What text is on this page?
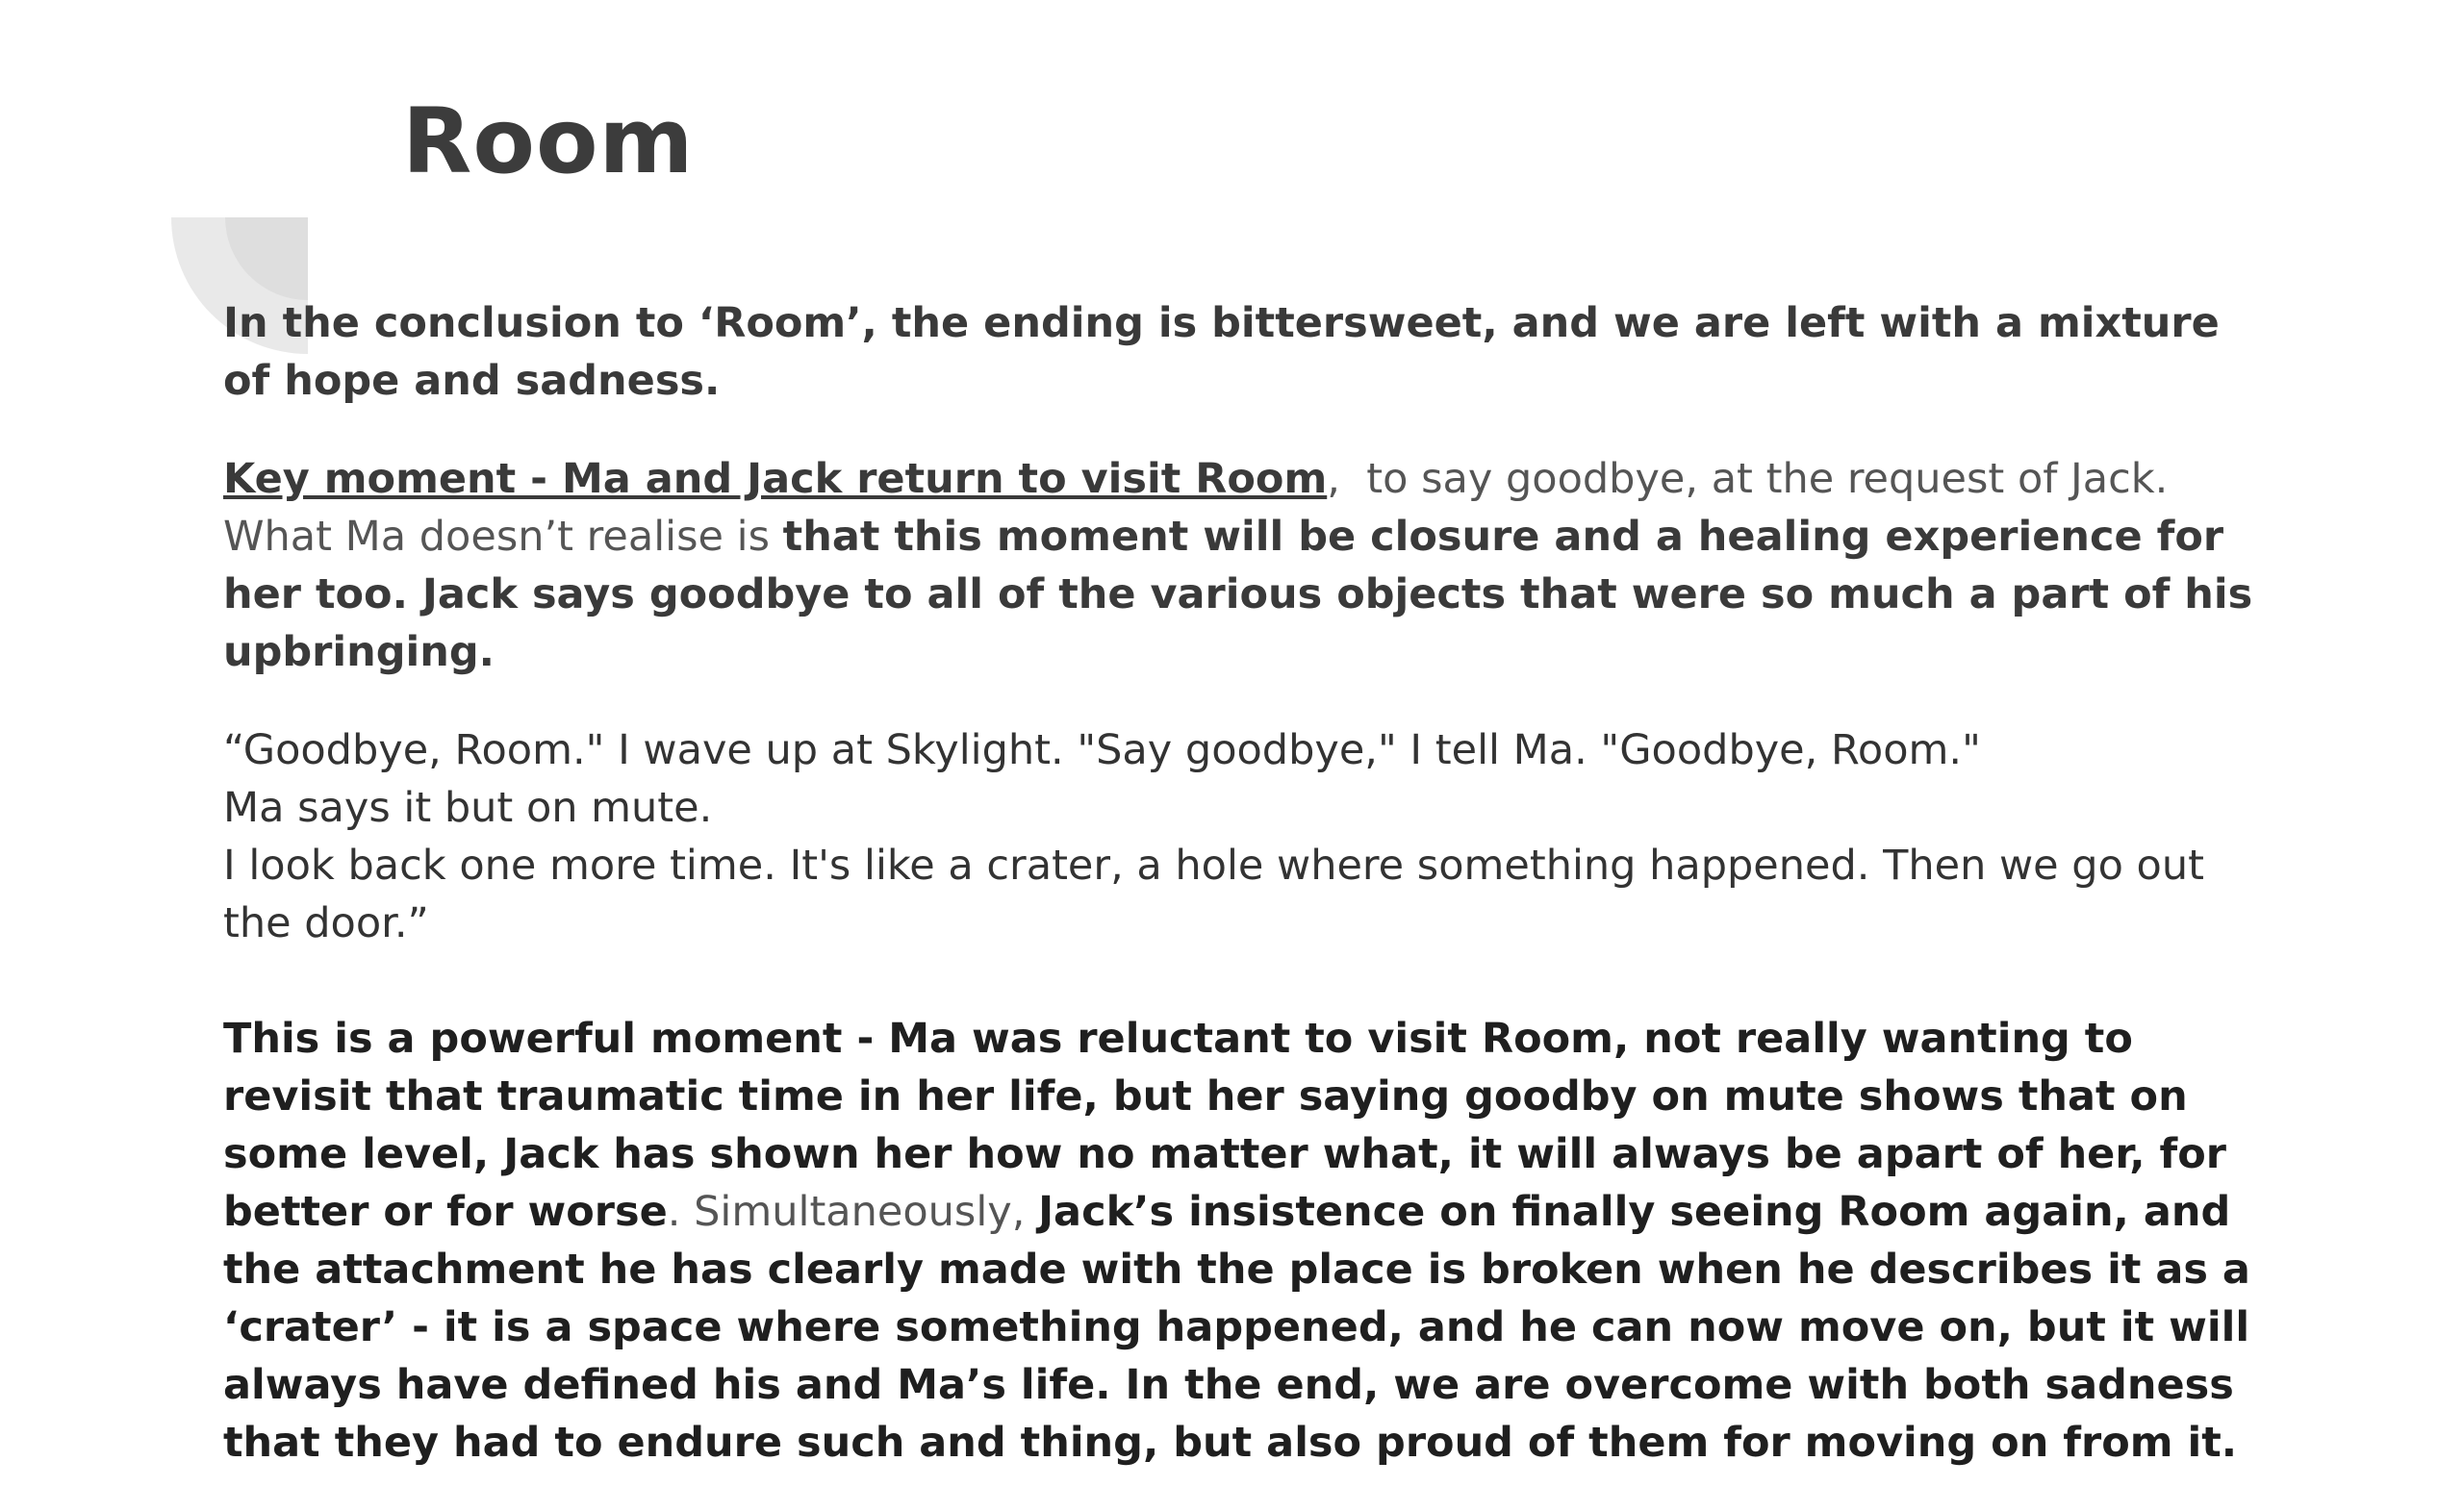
Room

In the conclusion to ‘Room’, the ending is bittersweet, and we are left with a mixture of hope and sadness.

Key moment - Ma and Jack return to visit Room,  to say goodbye, at the request of Jack. What Ma doesn’t realise is that this moment will be closure and a healing experience for her too. Jack says goodbye to all of the various objects that were so much a part of his upbringing.

“Goodbye, Room." I wave up at Skylight. "Say goodbye," I tell Ma. "Goodbye, Room."
Ma says it but on mute.
I look back one more time. It's like a crater, a hole where something happened. Then we go out the door.”

This is a powerful moment - Ma was reluctant to visit Room, not really wanting to revisit that traumatic time in her life, but her saying goodby on mute shows that on some level, Jack has shown her how no matter what, it will always be apart of her, for better or for worse. Simultaneously, Jack’s insistence on finally seeing Room again, and the attachment he has clearly made with the place is broken when he describes it as a ‘crater’ - it is a space where something happened, and he can now move on, but it will always have defined his and Ma’s life. In the end, we are overcome with both sadness that they had to endure such and thing, but also proud of them for moving on from it.
